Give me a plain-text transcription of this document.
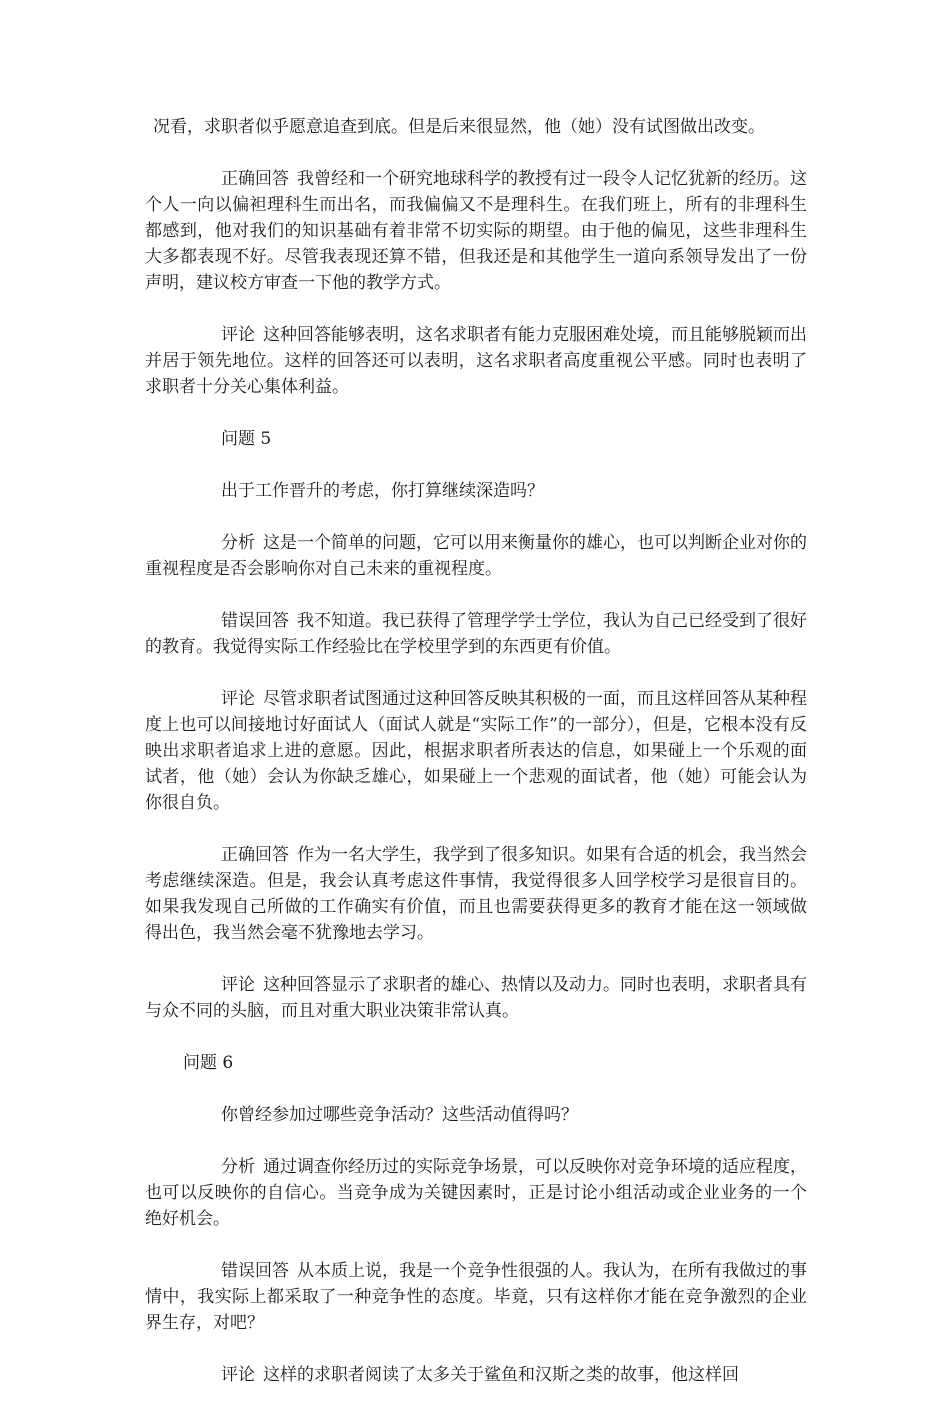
况看，求职者似乎愿意追查到底。但是后来很显然，他（她）没有试图做出改变。

正确回答 我曾经和一个研究地球科学的教授有过一段令人记忆犹新的经历。这个人一向以偏袒理科生而出名，而我偏偏又不是理科生。在我们班上，所有的非理科生都感到，他对我们的知识基础有着非常不切实际的期望。由于他的偏见，这些非理科生大多都表现不好。尽管我表现还算不错，但我还是和其他学生一道向系领导发出了一份声明，建议校方审查一下他的教学方式。

评论 这种回答能够表明，这名求职者有能力克服困难处境，而且能够脱颖而出并居于领先地位。这样的回答还可以表明，这名求职者高度重视公平感。同时也表明了求职者十分关心集体利益。

问题 5

出于工作晋升的考虑，你打算继续深造吗？

分析 这是一个简单的问题，它可以用来衡量你的雄心，也可以判断企业对你的重视程度是否会影响你对自己未来的重视程度。

错误回答 我不知道。我已获得了管理学学士学位，我认为自己已经受到了很好的教育。我觉得实际工作经验比在学校里学到的东西更有价值。

评论 尽管求职者试图通过这种回答反映其积极的一面，而且这样回答从某种程度上也可以间接地讨好面试人（面试人就是“实际工作”的一部分），但是，它根本没有反映出求职者追求上进的意愿。因此，根据求职者所表达的信息，如果碰上一个乐观的面试者，他（她）会认为你缺乏雄心，如果碰上一个悲观的面试者，他（她）可能会认为你很自负。

正确回答 作为一名大学生，我学到了很多知识。如果有合适的机会，我当然会考虑继续深造。但是，我会认真考虑这件事情，我觉得很多人回学校学习是很盲目的。如果我发现自己所做的工作确实有价值，而且也需要获得更多的教育才能在这一领域做得出色，我当然会毫不犹豫地去学习。

评论 这种回答显示了求职者的雄心、热情以及动力。同时也表明，求职者具有与众不同的头脑，而且对重大职业决策非常认真。

问题 6

你曾经参加过哪些竞争活动？这些活动值得吗？

分析 通过调查你经历过的实际竞争场景，可以反映你对竞争环境的适应程度，也可以反映你的自信心。当竞争成为关键因素时，正是讨论小组活动或企业业务的一个绝好机会。

错误回答 从本质上说，我是一个竞争性很强的人。我认为，在所有我做过的事情中，我实际上都采取了一种竞争性的态度。毕竟，只有这样你才能在竞争激烈的企业界生存，对吧？

评论 这样的求职者阅读了太多关于鲨鱼和汉斯之类的故事，他这样回
